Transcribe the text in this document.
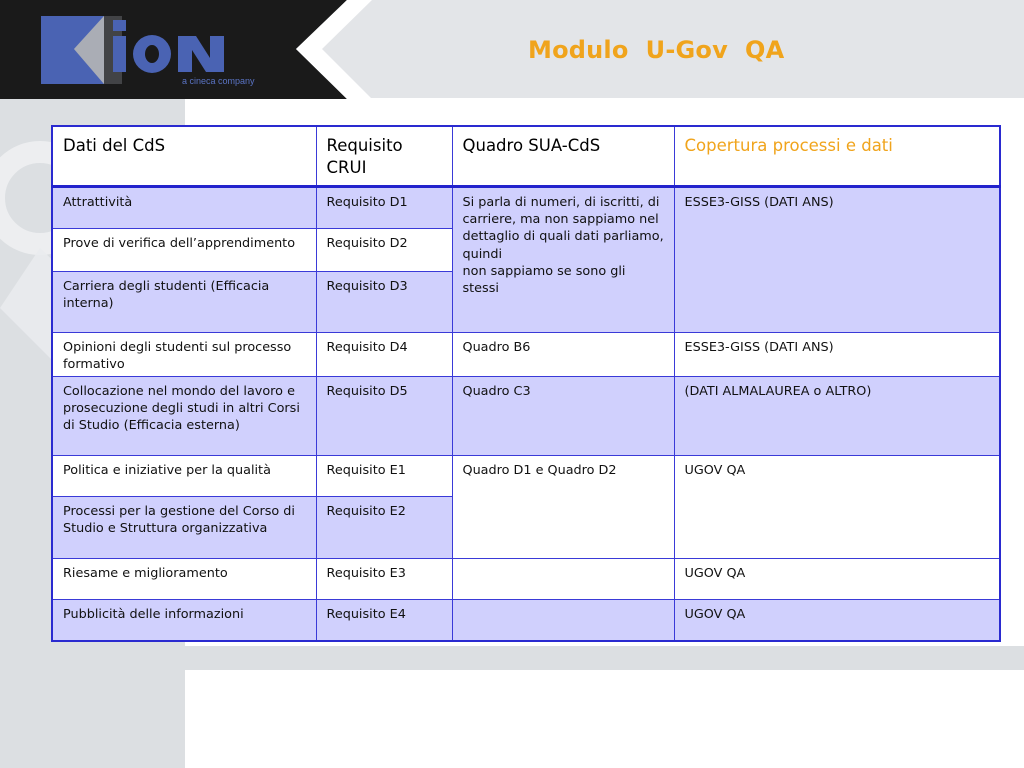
a cineca company
Modulo  U-Gov  QA
Dati del CdS	Requisito CRUI	Quadro SUA-CdS	Copertura processi e dati
Attrattività	Requisito D1	Si parla di numeri, di iscritti, di
carriere, ma non sappiamo nel
dettaglio di quali dati parliamo, quindi
non sappiamo se sono gli stessi	ESSE3-GISS (DATI ANS)
Prove di verifica dell’apprendimento	Requisito D2		
Carriera degli studenti (Efficacia interna)	Requisito D3		
Opinioni degli studenti sul processo formativo	Requisito D4	Quadro B6	ESSE3-GISS (DATI ANS)
Collocazione nel mondo del lavoro e prosecuzione degli studi in altri Corsi di Studio (Efficacia esterna)	Requisito D5	Quadro C3	(DATI ALMALAUREA o ALTRO)
Politica e iniziative per la qualità	Requisito E1	Quadro D1 e Quadro D2	UGOV QA
Processi per la gestione del Corso di Studio e Struttura organizzativa	Requisito E2		
Riesame e miglioramento	Requisito E3		UGOV QA
Pubblicità delle informazioni	Requisito E4		UGOV QA
